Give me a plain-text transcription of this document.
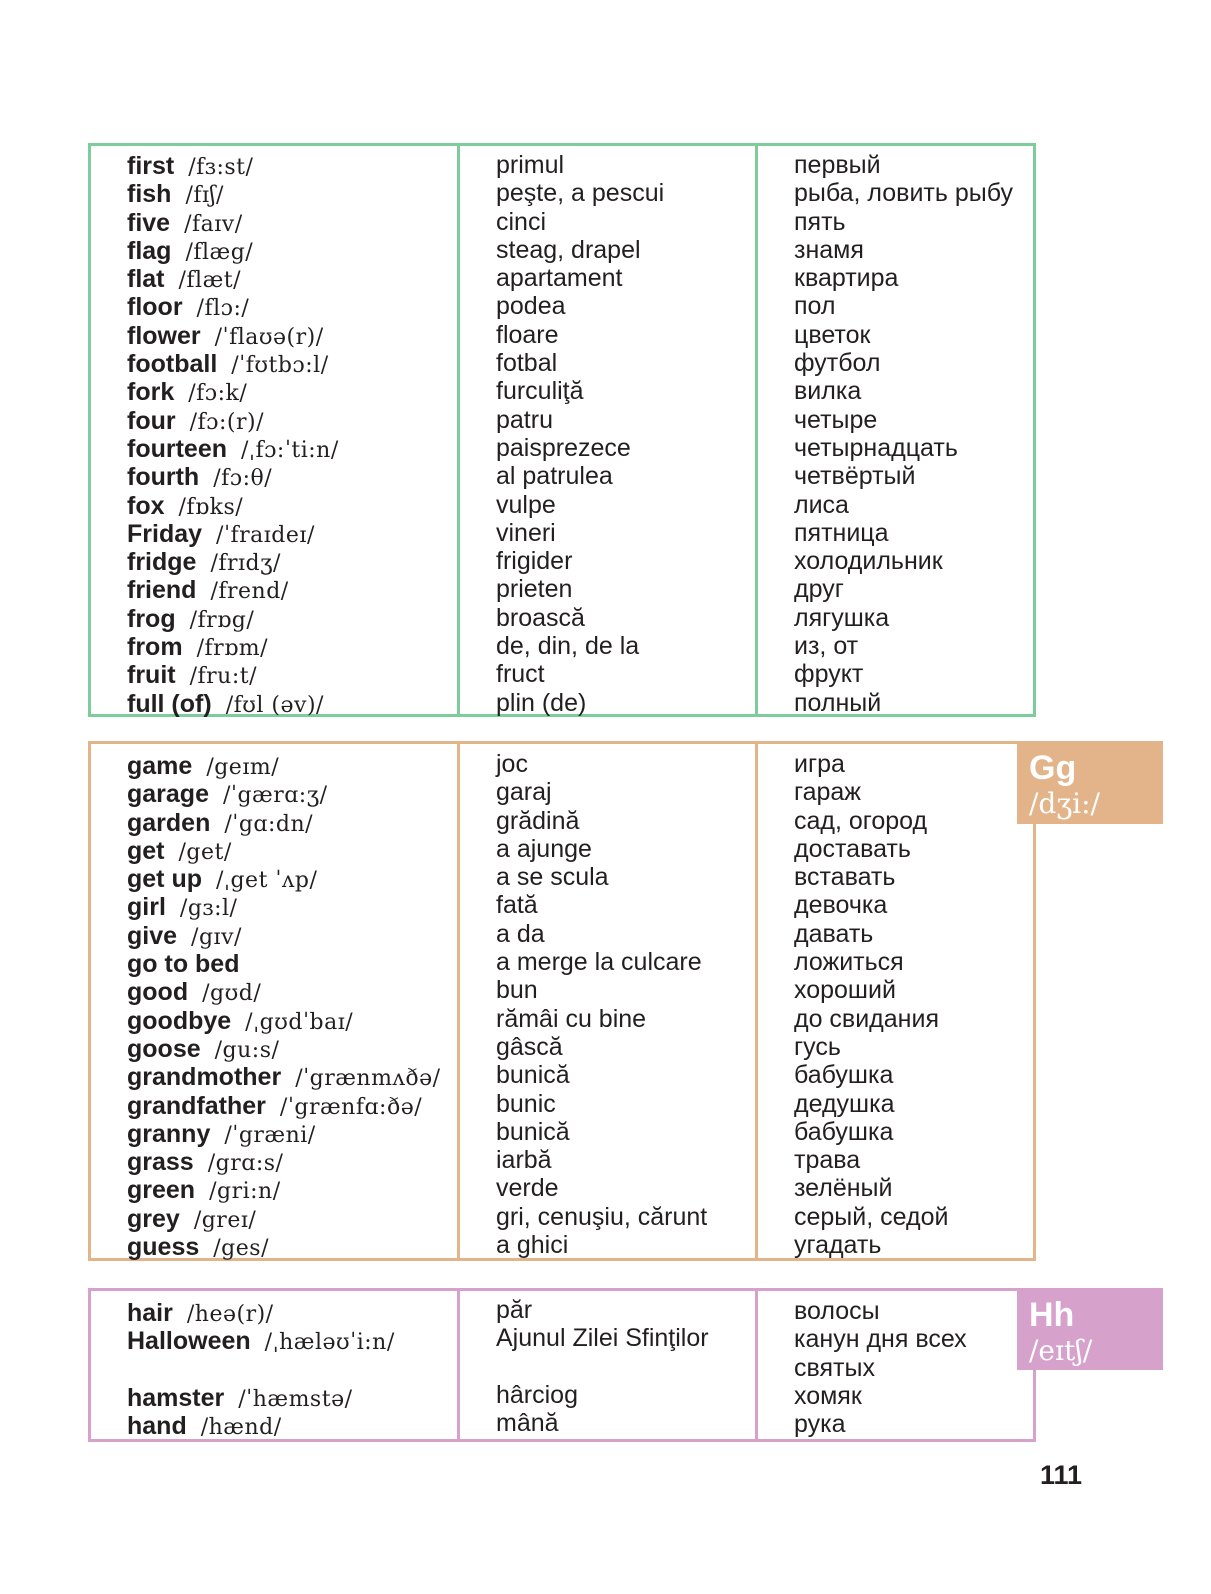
first /fɜ:st/
fish /fɪʃ/
five /faɪv/
flag /flæg/
flat /flæt/
floor /flɔ:/
flower /ˈflaʊə(r)/
football /ˈfʊtbɔ:l/
fork /fɔ:k/
four /fɔ:(r)/
fourteen /ˌfɔ:ˈti:n/
fourth /fɔ:θ/
fox /fɒks/
Friday /ˈfraɪdeɪ/
fridge /frɪdʒ/
friend /frend/
frog /frɒg/
from /frɒm/
fruit /fru:t/
full (of) /fʊl (əv)/
primul
peşte, a pescui
cinci
steag, drapel
apartament
podea
floare
fotbal
furculiţă
patru
paisprezece
al patrulea
vulpe
vineri
frigider
prieten
broască
de, din, de la
fruct
plin (de)
первый
рыба, ловить рыбу
пять
знамя
квартира
пол
цветок
футбол
вилка
четыре
четырнадцать
четвёртый
лиса
пятница
холодильник
друг
лягушка
из, от
фрукт
полный
game /geɪm/
garage /ˈgærɑ:ʒ/
garden /ˈgɑ:dn/
get /get/
get up /ˌget ˈʌp/
girl /gɜ:l/
give /gɪv/
go to bed
good /gʊd/
goodbye /ˌgʊdˈbaɪ/
goose /gu:s/
grandmother /ˈgrænmʌðə/
grandfather /ˈgrænfɑ:ðə/
granny /ˈgræni/
grass /grɑ:s/
green /gri:n/
grey /greɪ/
guess /ges/
joc
garaj
grădină
a ajunge
a se scula
fată
a da
a merge la culcare
bun
rămâi cu bine
gâscă
bunică
bunic
bunică
iarbă
verde
gri, cenuşiu, cărunt
a ghici
игра
гараж
сад, огород
доставать
вставать
девочка
давать
ложиться
хороший
до свидания
гусь
бабушка
дедушка
бабушка
трава
зелёный
серый, седой
угадать
Gg
/dʒi:/
hair /heə(r)/
Halloween /ˌhæləʊˈi:n/
hamster /ˈhæmstə/
hand /hænd/
păr
Ajunul Zilei Sfinţilor
hârciog
mână
волосы
канун дня всех
святых
хомяк
рука
Hh
/eɪtʃ/
111
